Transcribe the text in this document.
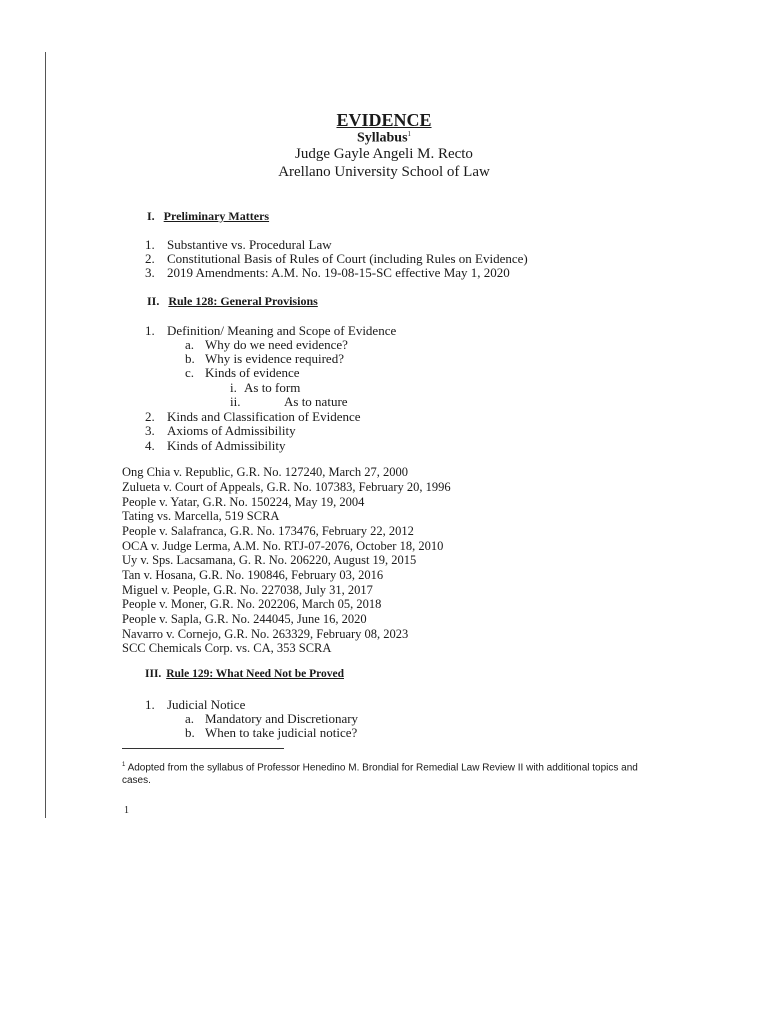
EVIDENCE
Syllabus$^1$
Judge Gayle Angeli M. Recto
Arellano University School of Law
I. Preliminary Matters
1. Substantive vs. Procedural Law
2. Constitutional Basis of Rules of Court (including Rules on Evidence)
3. 2019 Amendments: A.M. No. 19-08-15-SC effective May 1, 2020
II. Rule 128: General Provisions
1. Definition/ Meaning and Scope of Evidence
a. Why do we need evidence?
b. Why is evidence required?
c. Kinds of evidence
i. As to form
ii.	As to nature
2. Kinds and Classification of Evidence
3. Axioms of Admissibility
4. Kinds of Admissibility
Ong Chia v. Republic, G.R. No. 127240, March 27, 2000
Zulueta v. Court of Appeals, G.R. No. 107383, February 20, 1996
People v. Yatar, G.R. No. 150224, May 19, 2004
Tating vs. Marcella, 519 SCRA
People v. Salafranca, G.R. No. 173476, February 22, 2012
OCA v. Judge Lerma, A.M. No. RTJ-07-2076, October 18, 2010
Uy v. Sps. Lacsamana, G. R. No. 206220, August 19, 2015
Tan v. Hosana, G.R. No. 190846, February 03, 2016
Miguel v. People, G.R. No. 227038, July 31, 2017
People v. Moner, G.R. No. 202206, March 05, 2018
People v. Sapla, G.R. No. 244045, June 16, 2020
Navarro v. Cornejo, G.R. No. 263329, February 08, 2023
SCC Chemicals Corp. vs. CA, 353 SCRA
III. Rule 129: What Need Not be Proved
1. Judicial Notice
a. Mandatory and Discretionary
b. When to take judicial notice?
$^1$ Adopted from the syllabus of Professor Henedino M. Brondial for Remedial Law Review II with additional topics and cases.
1
